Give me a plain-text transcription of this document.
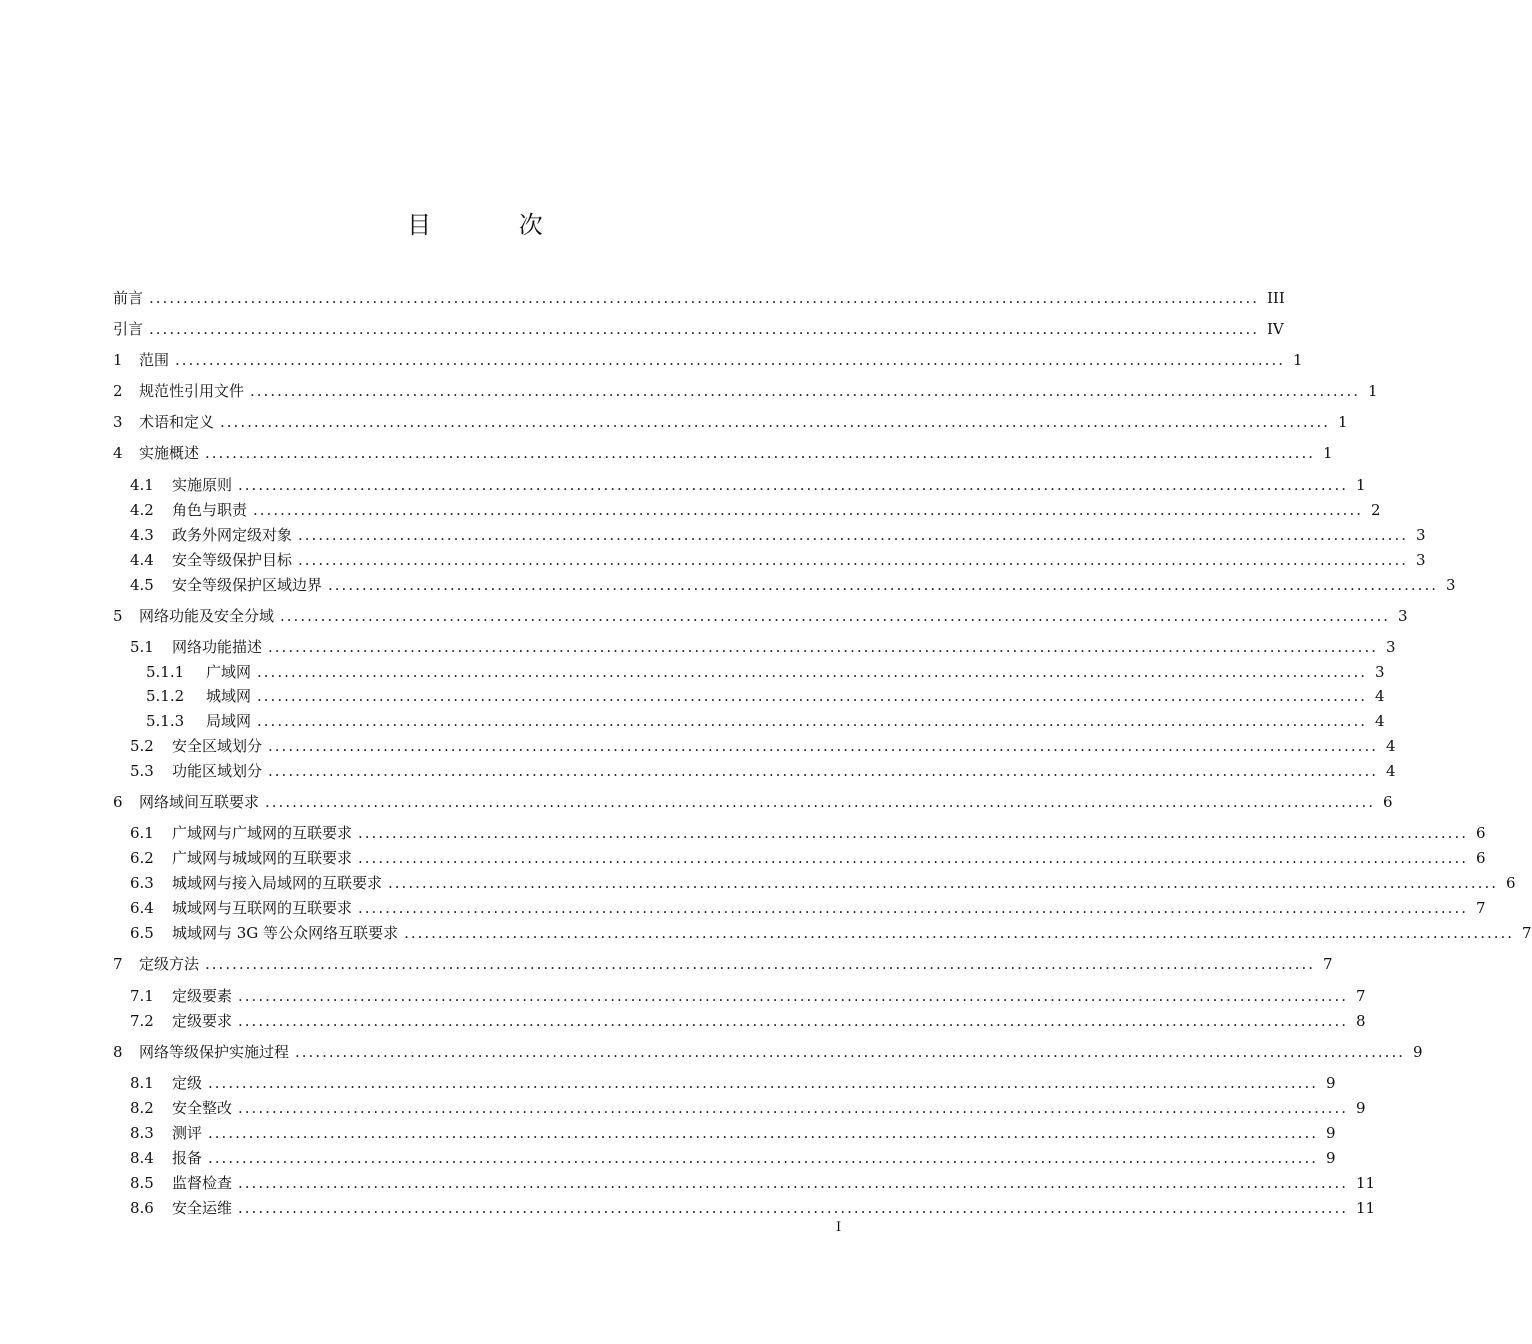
目 次
前言 .................................................................................................................................................................... III
引言 .................................................................................................................................................................... IV
1	范围 .................................................................................................................................................................... 1
2	规范性引用文件 .................................................................................................................................................................... 1
3	术语和定义 .................................................................................................................................................................... 1
4	实施概述 .................................................................................................................................................................... 1
4.1	实施原则 .................................................................................................................................................................... 1
4.2	角色与职责 .................................................................................................................................................................... 2
4.3	政务外网定级对象 .................................................................................................................................................................... 3
4.4	安全等级保护目标 .................................................................................................................................................................... 3
4.5	安全等级保护区域边界 .................................................................................................................................................................... 3
5	网络功能及安全分域 .................................................................................................................................................................... 3
5.1	网络功能描述 .................................................................................................................................................................... 3
5.1.1	广域网 .................................................................................................................................................................... 3
5.1.2	城域网 .................................................................................................................................................................... 4
5.1.3	局域网 .................................................................................................................................................................... 4
5.2	安全区域划分 .................................................................................................................................................................... 4
5.3	功能区域划分 .................................................................................................................................................................... 4
6	网络域间互联要求 .................................................................................................................................................................... 6
6.1	广域网与广域网的互联要求 .................................................................................................................................................................... 6
6.2	广域网与城域网的互联要求 .................................................................................................................................................................... 6
6.3	城域网与接入局域网的互联要求 .................................................................................................................................................................... 6
6.4	城域网与互联网的互联要求 .................................................................................................................................................................... 7
6.5	城域网与 3G 等公众网络互联要求 .................................................................................................................................................................... 7
7	定级方法 .................................................................................................................................................................... 7
7.1	定级要素 .................................................................................................................................................................... 7
7.2	定级要求 .................................................................................................................................................................... 8
8	网络等级保护实施过程 .................................................................................................................................................................... 9
8.1	定级 .................................................................................................................................................................... 9
8.2	安全整改 .................................................................................................................................................................... 9
8.3	测评 .................................................................................................................................................................... 9
8.4	报备 .................................................................................................................................................................... 9
8.5	监督检查 .................................................................................................................................................................... 11
8.6	安全运维 .................................................................................................................................................................... 11
I
